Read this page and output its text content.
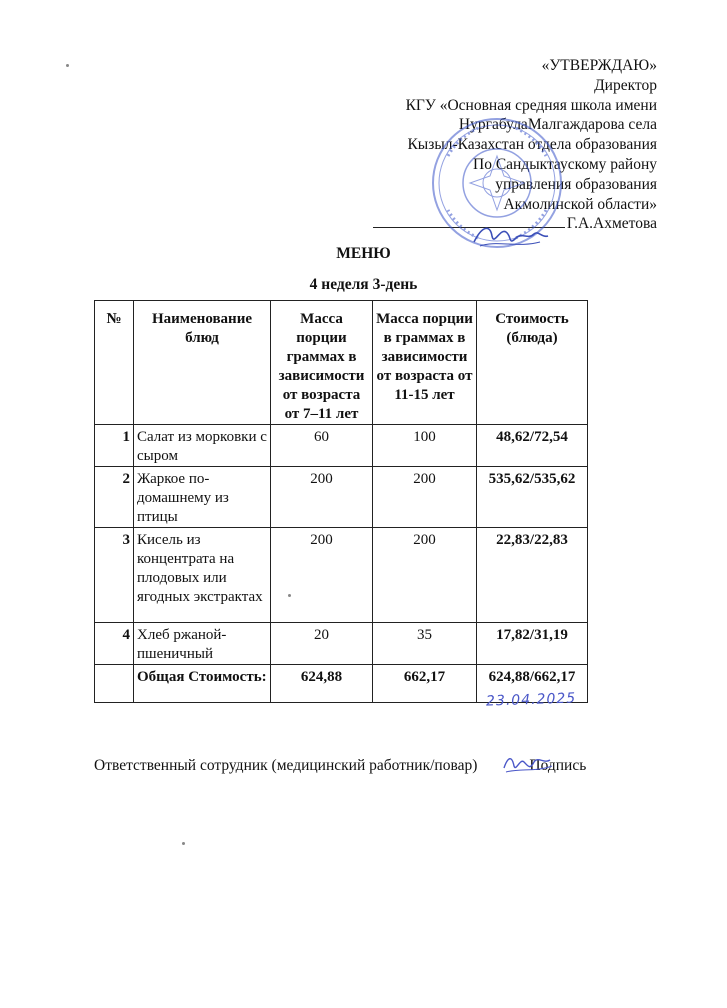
«УТВЕРЖДАЮ»
Директор
КГУ «Основная средняя школа имени
НургабулаМалгаждарова села
Кызыл-Казахстан отдела образования
По Сандыктаускому району
управления образования
Акмолинской области»
Г.А.Ахметова
МЕНЮ
4 неделя 3-день
№	Наименование блюд	Масса порции граммах в зависимости от возраста от 7–11 лет	Масса порции в граммах в зависимости от возраста от 11-15 лет	Стоимость (блюда)
1	Салат из морковки с сыром	60	100	48,62/72,54
2	Жаркое по-домашнему из птицы	200	200	535,62/535,62
3	Кисель из концентрата на плодовых или ягодных экстрактах	200	200	22,83/22,83
4	Хлеб ржаной-пшеничный	20	35	17,82/31,19
	Общая Стоимость:	624,88	662,17	624,88/662,17
23.04.2025
Ответственный сотрудник (медицинский работник/повар)	Подпись
